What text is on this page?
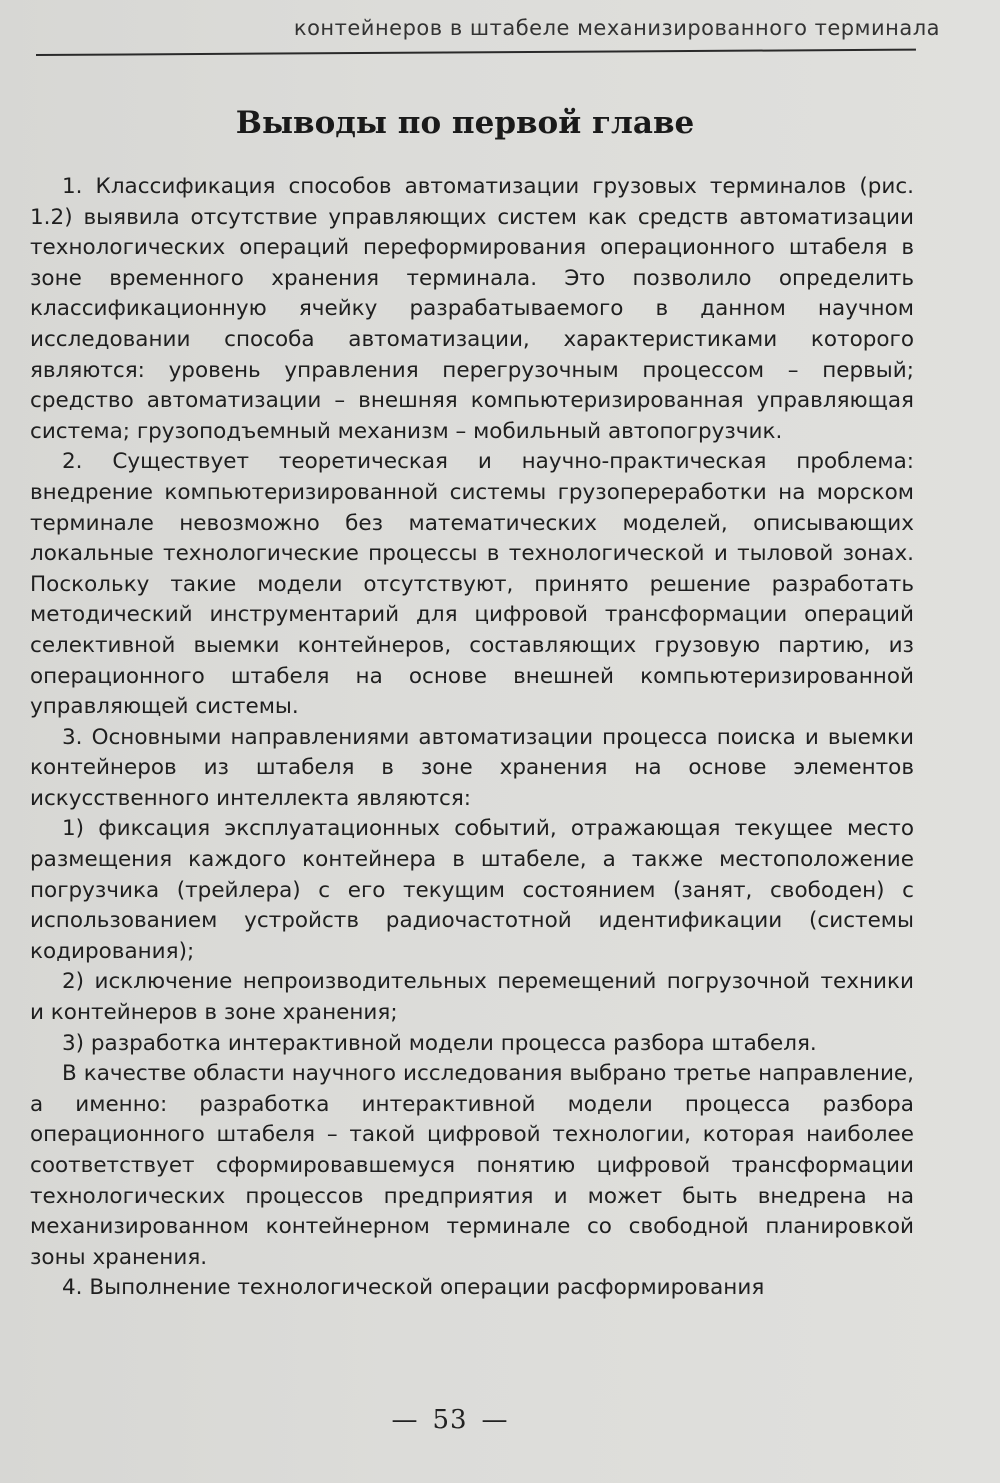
контейнеров в штабеле механизированного терминала
Выводы по первой главе

1. Классификация способов автоматизации грузовых терминалов (рис. 1.2) выявила отсутствие управляющих систем как средств автоматизации технологических операций переформирования операционного штабеля в зоне временного хранения терминала. Это позволило определить классификационную ячейку разрабатываемого в данном научном исследовании способа автоматизации, характеристиками которого являются: уровень управления перегрузочным процессом – первый; средство автоматизации – внешняя компьютеризированная управляющая система; грузоподъемный механизм – мобильный автопогрузчик.

2. Существует теоретическая и научно-практическая проблема: внедрение компьютеризированной системы грузопереработки на морском терминале невозможно без математических моделей, описывающих локальные технологические процессы в технологической и тыловой зонах. Поскольку такие модели отсутствуют, принято решение разработать методический инструментарий для цифровой трансформации операций селективной выемки контейнеров, составляющих грузовую партию, из операционного штабеля на основе внешней компьютеризированной управляющей системы.

3. Основными направлениями автоматизации процесса поиска и выемки контейнеров из штабеля в зоне хранения на основе элементов искусственного интеллекта являются:

1) фиксация эксплуатационных событий, отражающая текущее место размещения каждого контейнера в штабеле, а также местоположение погрузчика (трейлера) с его текущим состоянием (занят, свободен) с использованием устройств радиочастотной идентификации (системы кодирования);

2) исключение непроизводительных перемещений погрузочной техники и контейнеров в зоне хранения;

3) разработка интерактивной модели процесса разбора штабеля.

В качестве области научного исследования выбрано третье направление, а именно: разработка интерактивной модели процесса разбора операционного штабеля – такой цифровой технологии, которая наиболее соответствует сформировавшемуся понятию цифровой трансформации технологических процессов предприятия и может быть внедрена на механизированном контейнерном терминале со свободной планировкой зоны хранения.

4. Выполнение технологической операции расформирования

— 53 —
